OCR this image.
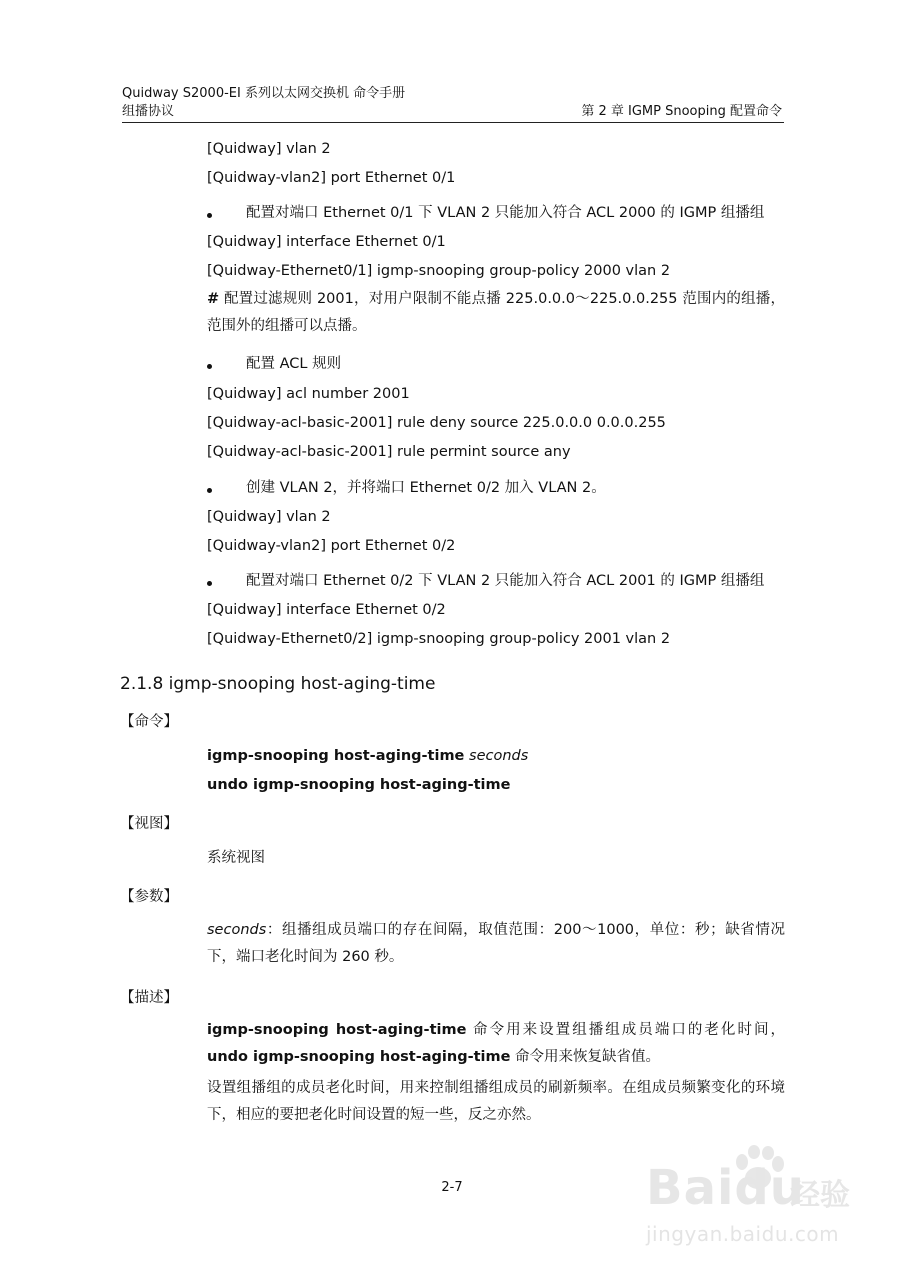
Quidway S2000-EI 系列以太网交换机 命令手册
组播协议	第 2 章 IGMP Snooping 配置命令
[Quidway] vlan 2
[Quidway-vlan2] port Ethernet 0/1
配置对端口 Ethernet 0/1 下 VLAN 2 只能加入符合 ACL 2000 的 IGMP 组播组
[Quidway] interface Ethernet 0/1
[Quidway-Ethernet0/1] igmp-snooping group-policy 2000 vlan 2
# 配置过滤规则 2001，对用户限制不能点播 225.0.0.0～225.0.0.255 范围内的组播，范围外的组播可以点播。
配置 ACL 规则
[Quidway] acl number 2001
[Quidway-acl-basic-2001] rule deny source 225.0.0.0 0.0.0.255
[Quidway-acl-basic-2001] rule permint source any
创建 VLAN 2，并将端口 Ethernet 0/2 加入 VLAN 2。
[Quidway] vlan 2
[Quidway-vlan2] port Ethernet 0/2
配置对端口 Ethernet 0/2 下 VLAN 2 只能加入符合 ACL 2001 的 IGMP 组播组
[Quidway] interface Ethernet 0/2
[Quidway-Ethernet0/2] igmp-snooping group-policy 2001 vlan 2
2.1.8 igmp-snooping host-aging-time
【命令】
igmp-snooping host-aging-time seconds
undo igmp-snooping host-aging-time
【视图】
系统视图
【参数】
seconds：组播组成员端口的存在间隔，取值范围：200～1000，单位：秒；缺省情况下，端口老化时间为 260 秒。
【描述】
igmp-snooping host-aging-time 命令用来设置组播组成员端口的老化时间，undo igmp-snooping host-aging-time 命令用来恢复缺省值。
设置组播组的成员老化时间，用来控制组播组成员的刷新频率。在组成员频繁变化的环境下，相应的要把老化时间设置的短一些，反之亦然。
2-7	Baidu
经验
jingyan.baidu.com
